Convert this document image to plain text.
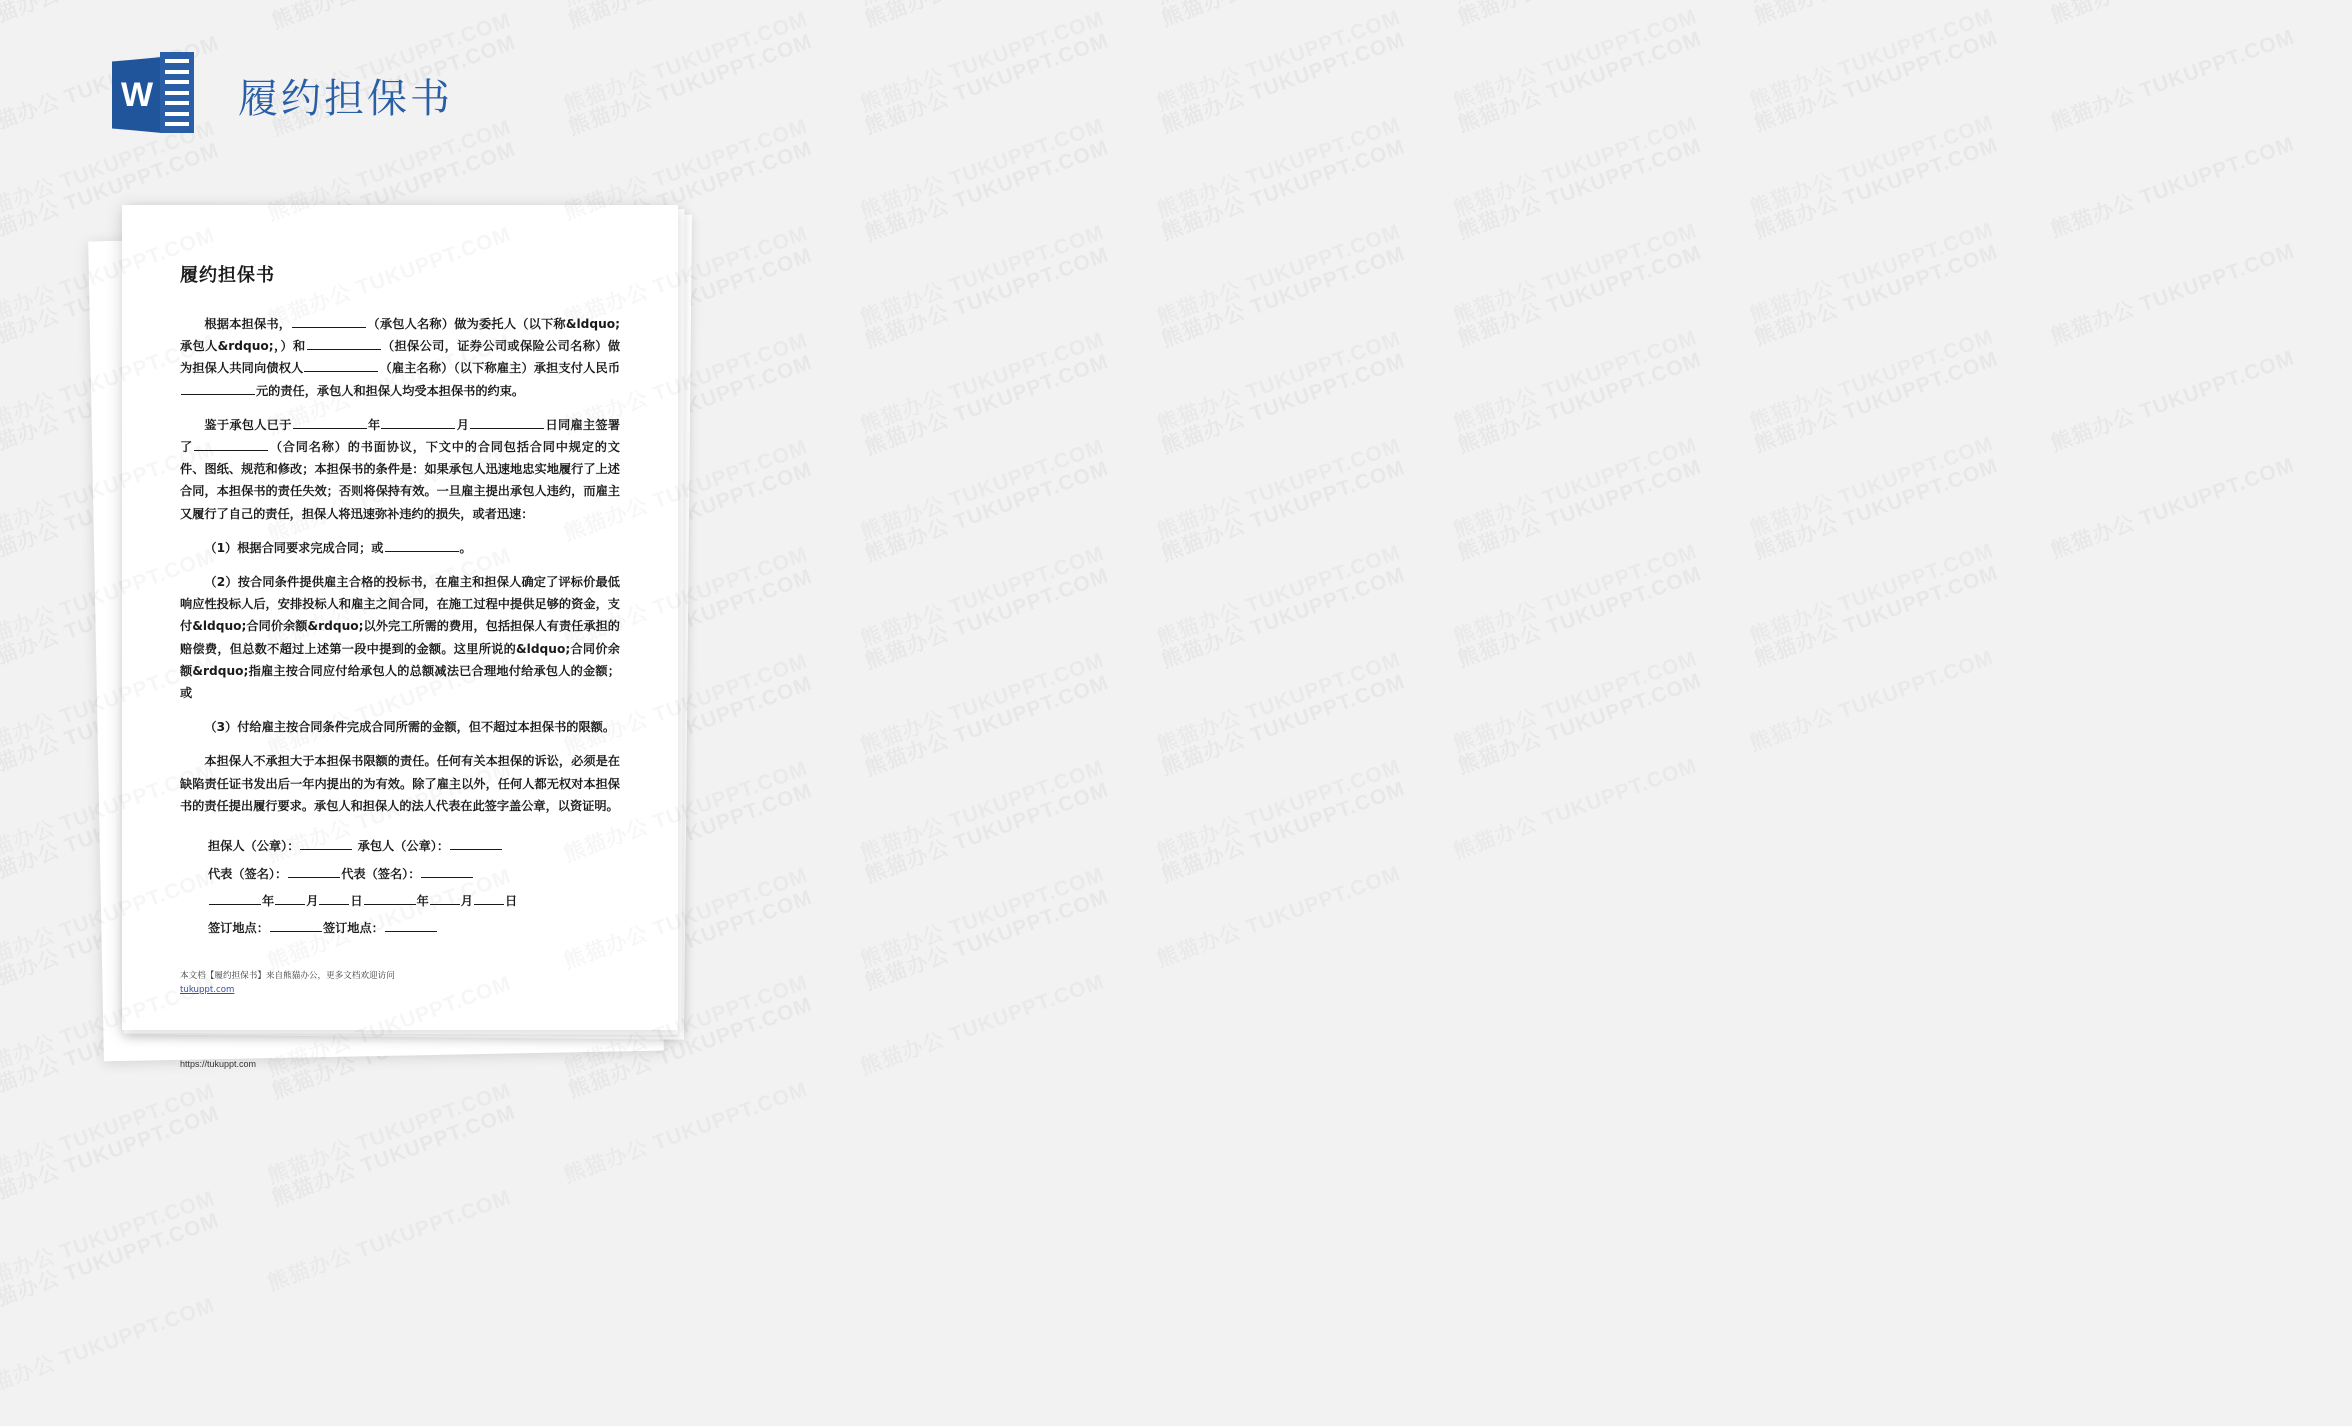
W 履约担保书
履约担保书

根据本担保书，	（承包人名称）做为委托人（以下称&ldquo;承包人&rdquo;，）和	（担保公司，证券公司或保险公司名称）做为担保人共同向债权人	（雇主名称）（以下称雇主）承担支付人民币元的责任，承包人和担保人均受本担保书的约束。

鉴于承包人已于	年	月	日同雇主签署了	（合同名称）的书面协议，下文中的合同包括合同中规定的文件、图纸、规范和修改；本担保书的条件是：如果承包人迅速地忠实地履行了上述合同，本担保书的责任失效；否则将保持有效。一旦雇主提出承包人违约，而雇主又履行了自己的责任，担保人将迅速弥补违约的损失，或者迅速：

（1）根据合同要求完成合同；或	。

（2）按合同条件提供雇主合格的投标书，在雇主和担保人确定了评标价最低响应性投标人后，安排投标人和雇主之间合同，在施工过程中提供足够的资金，支付&ldquo;合同价余额&rdquo;以外完工所需的费用，包括担保人有责任承担的赔偿费，但总数不超过上述第一段中提到的金额。这里所说的&ldquo;合同价余额&rdquo;指雇主按合同应付给承包人的总额减法已合理地付给承包人的金额；或

（3）付给雇主按合同条件完成合同所需的金额，但不超过本担保书的限额。

本担保人不承担大于本担保书限额的责任。任何有关本担保的诉讼，必须是在缺陷责任证书发出后一年内提出的为有效。除了雇主以外，任何人都无权对本担保书的责任提出履行要求。承包人和担保人的法人代表在此签字盖公章，以资证明。

担保人（公章）：	承包人（公章）：
代表（签名）：	代表（签名）：
年	月	日	年	月	日
签订地点：	签订地点：
本文档【履约担保书】来自熊猫办公，更多文档欢迎访问
tukuppt.com
https://tukuppt.com
